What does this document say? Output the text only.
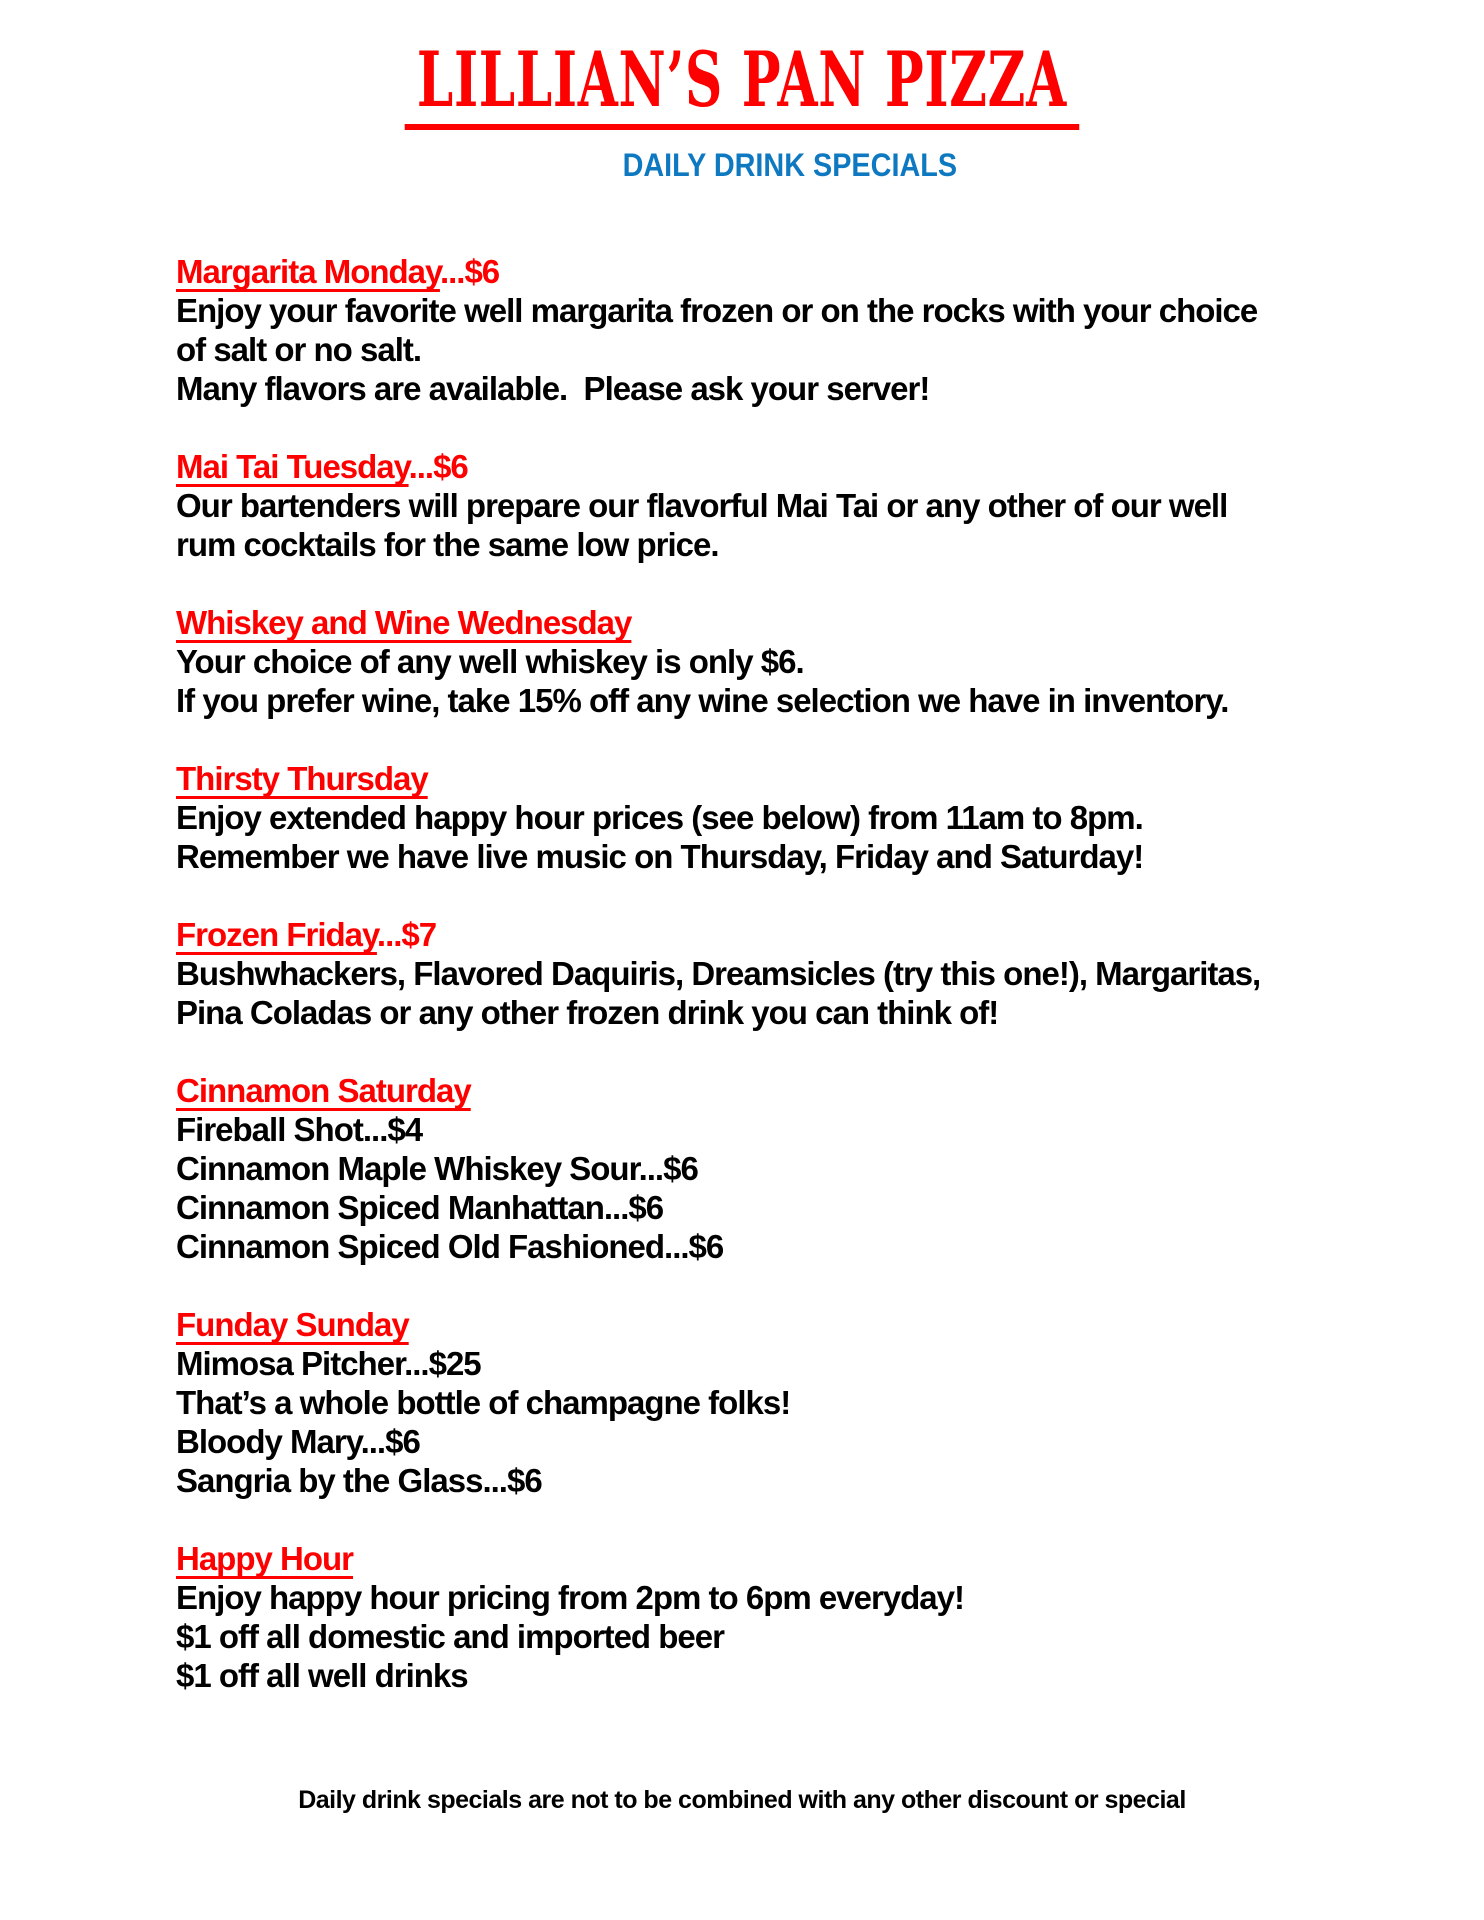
LILLIAN’S PAN PIZZA
DAILY DRINK SPECIALS
Margarita Monday...$6
Enjoy your favorite well margarita frozen or on the rocks with your choice
of salt or no salt.
Many flavors are available.  Please ask your server!
Mai Tai Tuesday...$6
Our bartenders will prepare our flavorful Mai Tai or any other of our well
rum cocktails for the same low price.
Whiskey and Wine Wednesday
Your choice of any well whiskey is only $6.
If you prefer wine, take 15% off any wine selection we have in inventory.
Thirsty Thursday
Enjoy extended happy hour prices (see below) from 11am to 8pm.
Remember we have live music on Thursday, Friday and Saturday!
Frozen Friday...$7
Bushwhackers, Flavored Daquiris, Dreamsicles (try this one!), Margaritas,
Pina Coladas or any other frozen drink you can think of!
Cinnamon Saturday
Fireball Shot...$4
Cinnamon Maple Whiskey Sour...$6
Cinnamon Spiced Manhattan...$6
Cinnamon Spiced Old Fashioned...$6
Funday Sunday
Mimosa Pitcher...$25
That’s a whole bottle of champagne folks!
Bloody Mary...$6
Sangria by the Glass...$6
Happy Hour
Enjoy happy hour pricing from 2pm to 6pm everyday!
$1 off all domestic and imported beer
$1 off all well drinks
Daily drink specials are not to be combined with any other discount or special
